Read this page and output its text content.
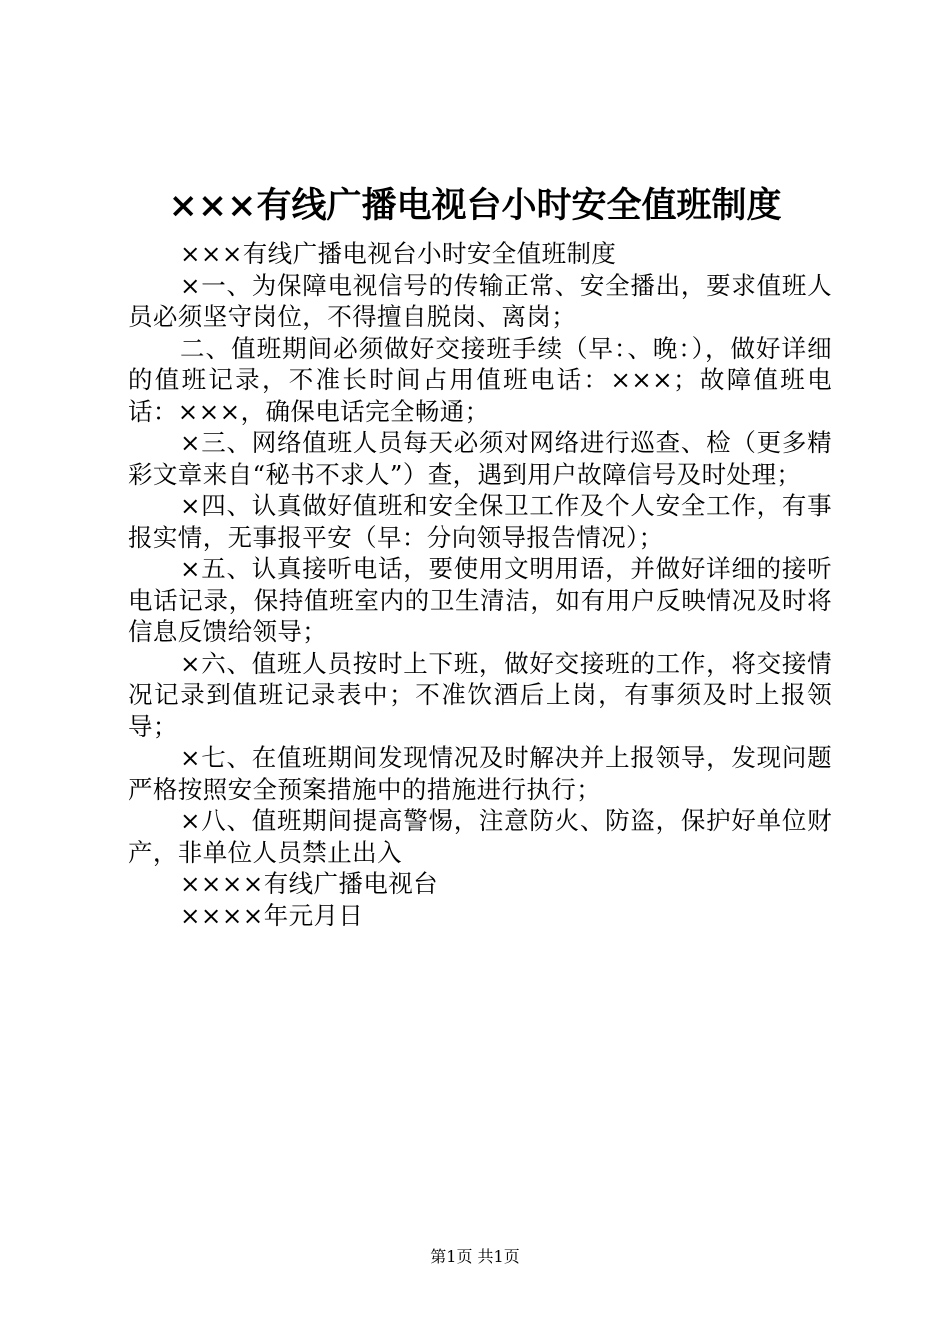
×××有线广播电视台小时安全值班制度

×××有线广播电视台小时安全值班制度

×一、为保障电视信号的传输正常、安全播出，要求值班人员必须坚守岗位，不得擅自脱岗、离岗；

二、值班期间必须做好交接班手续（早：、晚：），做好详细的值班记录，不准长时间占用值班电话：×××；故障值班电话：×××，确保电话完全畅通；

×三、网络值班人员每天必须对网络进行巡查、检（更多精彩文章来自“秘书不求人”）查，遇到用户故障信号及时处理；

×四、认真做好值班和安全保卫工作及个人安全工作，有事报实情，无事报平安（早：分向领导报告情况）；

×五、认真接听电话，要使用文明用语，并做好详细的接听电话记录，保持值班室内的卫生清洁，如有用户反映情况及时将信息反馈给领导；

×六、值班人员按时上下班，做好交接班的工作，将交接情况记录到值班记录表中；不准饮酒后上岗，有事须及时上报领导；

×七、在值班期间发现情况及时解决并上报领导，发现问题严格按照安全预案措施中的措施进行执行；

×八、值班期间提高警惕，注意防火、防盗，保护好单位财产，非单位人员禁止出入

××××有线广播电视台

××××年元月日

第1页 共1页
